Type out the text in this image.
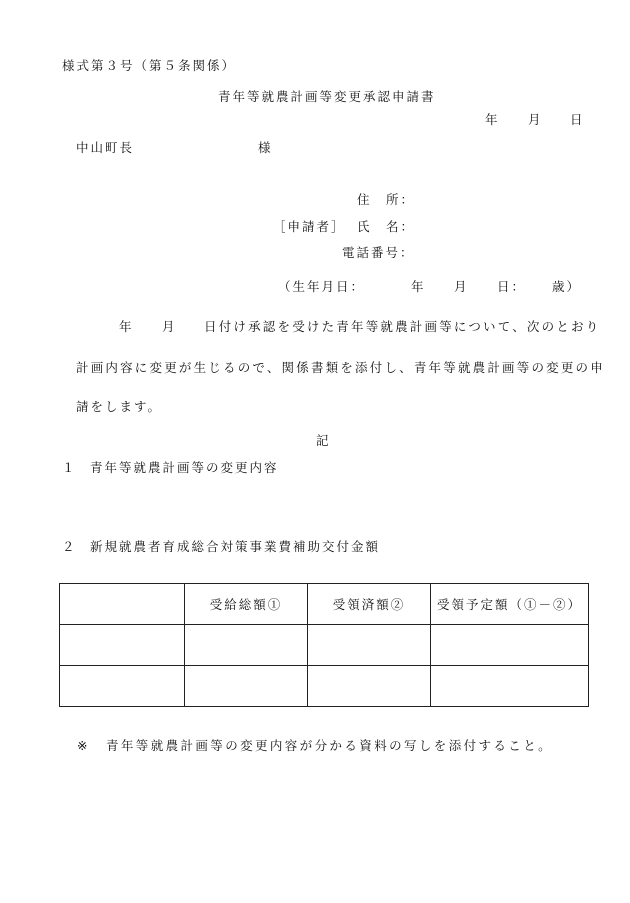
様式第３号（第５条関係）
青年等就農計画等変更承認申請書
年 月 日
中山町長	様
住　所：
［申請者］ 氏　名：
電話番号：
（生年月日：	年 月 日： 歳）
年 月 日付け承認を受けた青年等就農計画等について、次のとおり
計画内容に変更が生じるので、関係書類を添付し、青年等就農計画等の変更の申
請をします。
記
１ 青年等就農計画等の変更内容
２ 新規就農者育成総合対策事業費補助交付金額
	受給総額①	受領済額②	受領予定額（①－②）

※ 青年等就農計画等の変更内容が分かる資料の写しを添付すること。
